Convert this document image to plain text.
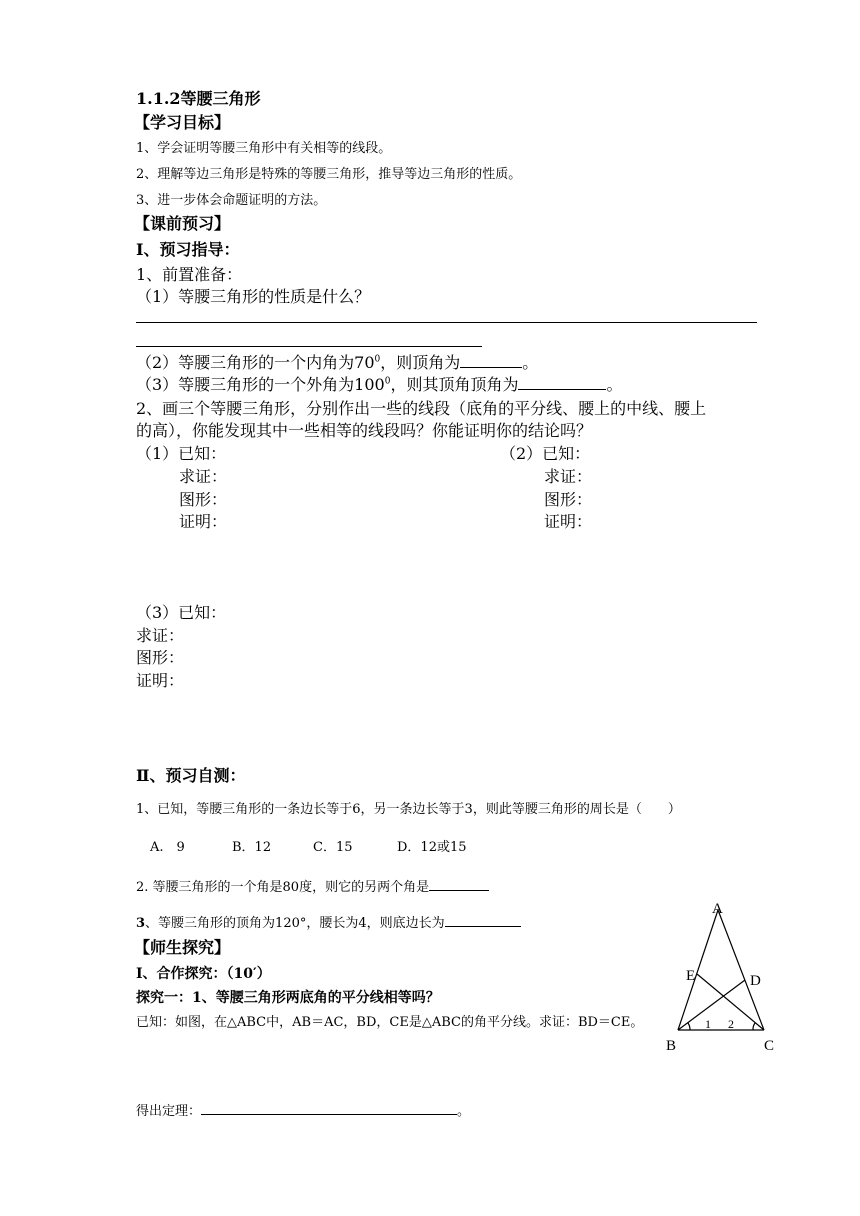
1.1.2等腰三角形
【学习目标】
1、学会证明等腰三角形中有关相等的线段。
2、理解等边三角形是特殊的等腰三角形，推导等边三角形的性质。
3、进一步体会命题证明的方法。
【课前预习】
Ⅰ、预习指导：
1、前置准备：
（1）等腰三角形的性质是什么？
（2）等腰三角形的一个内角为$70^0$，则顶角为	。
（3）等腰三角形的一个外角为$100^0$，则其顶角顶角为	。
2、画三个等腰三角形，分别作出一些的线段（底角的平分线、腰上的中线、腰上
的高），你能发现其中一些相等的线段吗？你能证明你的结论吗？
（1）已知：
求证：
图形：
证明：
（2）已知：
求证：
图形：
证明：
（3）已知：
求证：
图形：
证明：
Ⅱ、预习自测：
1、已知，等腰三角形的一条边长等于6，另一条边长等于3，则此等腰三角形的周长是（　　）
A.　9	B．12	C．15	D．12或15
2. 等腰三角形的一个角是80度，则它的另两个角是
3、等腰三角形的顶角为120°，腰长为4，则底边长为
【师生探究】
Ⅰ、合作探究：（10′）
探究一：1、等腰三角形两底角的平分线相等吗？
已知：如图，在△ABC中，AB＝AC，BD，CE是△ABC的角平分线。求证：BD＝CE。
得出定理：	。
A
B	C
D
E
1 2
